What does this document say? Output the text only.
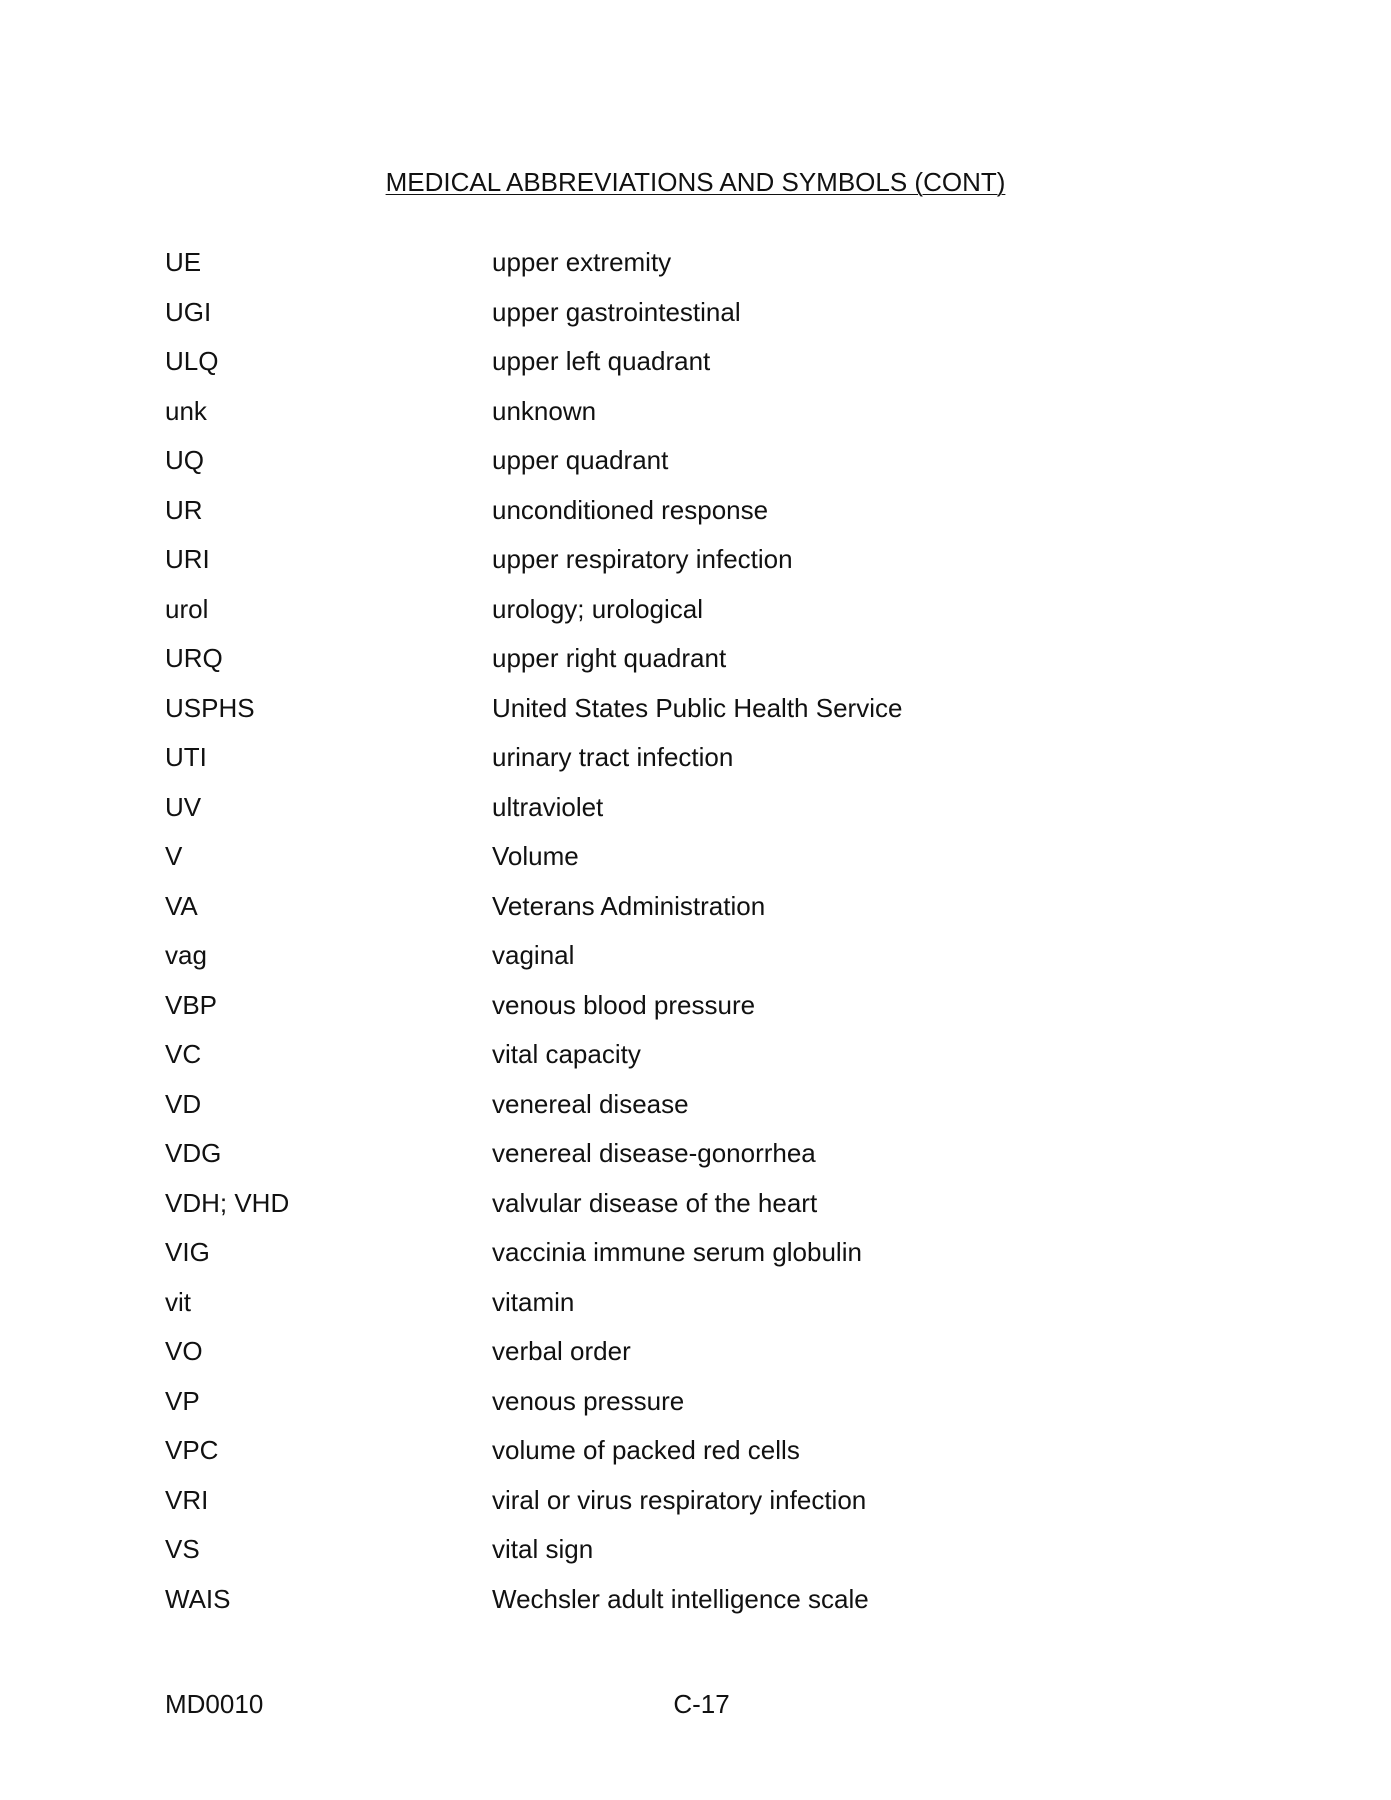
MEDICAL ABBREVIATIONS AND SYMBOLS (CONT)
UE	upper extremity
UGI	upper gastrointestinal
ULQ	upper left quadrant
unk	unknown
UQ	upper quadrant
UR	unconditioned response
URI	upper respiratory infection
urol	urology; urological
URQ	upper right quadrant
USPHS	United States Public Health Service
UTI	urinary tract infection
UV	ultraviolet
V	Volume
VA	Veterans Administration
vag	vaginal
VBP	venous blood pressure
VC	vital capacity
VD	venereal disease
VDG	venereal disease-gonorrhea
VDH; VHD	valvular disease of the heart
VIG	vaccinia immune serum globulin
vit	vitamin
VO	verbal order
VP	venous pressure
VPC	volume of packed red cells
VRI	viral or virus respiratory infection
VS	vital sign
WAIS	Wechsler adult intelligence scale
MD0010	C-17
